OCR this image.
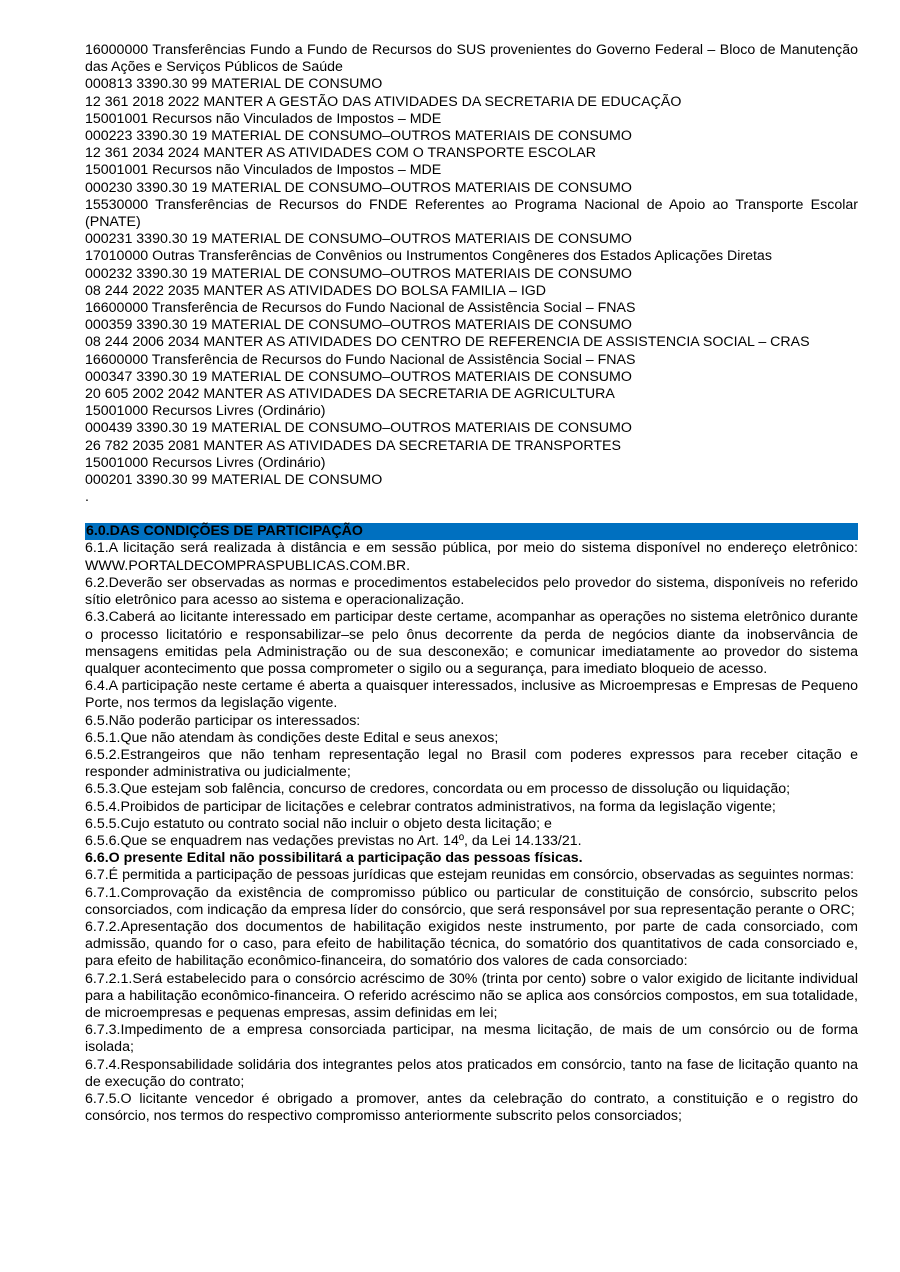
16000000 Transferências Fundo a Fundo de Recursos do SUS provenientes do Governo Federal – Bloco de Manutenção das Ações e Serviços Públicos de Saúde

000813 3390.30 99 MATERIAL DE CONSUMO

12 361 2018 2022 MANTER A GESTÃO DAS ATIVIDADES DA SECRETARIA DE EDUCAÇÃO

15001001 Recursos não Vinculados de Impostos – MDE

000223 3390.30 19 MATERIAL DE CONSUMO–OUTROS MATERIAIS DE CONSUMO

12 361 2034 2024 MANTER AS ATIVIDADES COM O TRANSPORTE ESCOLAR

15001001 Recursos não Vinculados de Impostos – MDE

000230 3390.30 19 MATERIAL DE CONSUMO–OUTROS MATERIAIS DE CONSUMO

15530000 Transferências de Recursos do FNDE Referentes ao Programa Nacional de Apoio ao Transporte Escolar (PNATE)

000231 3390.30 19 MATERIAL DE CONSUMO–OUTROS MATERIAIS DE CONSUMO

17010000 Outras Transferências de Convênios ou Instrumentos Congêneres dos Estados Aplicações Diretas

000232 3390.30 19 MATERIAL DE CONSUMO–OUTROS MATERIAIS DE CONSUMO

08 244 2022 2035 MANTER AS ATIVIDADES DO BOLSA FAMILIA – IGD

16600000 Transferência de Recursos do Fundo Nacional de Assistência Social – FNAS

000359 3390.30 19 MATERIAL DE CONSUMO–OUTROS MATERIAIS DE CONSUMO

08 244 2006 2034 MANTER AS ATIVIDADES DO CENTRO DE REFERENCIA DE ASSISTENCIA SOCIAL – CRAS

16600000 Transferência de Recursos do Fundo Nacional de Assistência Social – FNAS

000347 3390.30 19 MATERIAL DE CONSUMO–OUTROS MATERIAIS DE CONSUMO

20 605 2002 2042 MANTER AS ATIVIDADES DA SECRETARIA DE AGRICULTURA

15001000 Recursos Livres (Ordinário)

000439 3390.30 19 MATERIAL DE CONSUMO–OUTROS MATERIAIS DE CONSUMO

26 782 2035 2081 MANTER AS ATIVIDADES DA SECRETARIA DE TRANSPORTES

15001000 Recursos Livres (Ordinário)

000201 3390.30 99 MATERIAL DE CONSUMO

.

6.0.DAS CONDIÇÕES DE PARTICIPAÇÃO

6.1.A licitação será realizada à distância e em sessão pública, por meio do sistema disponível no endereço eletrônico: WWW.PORTALDECOMPRASPUBLICAS.COM.BR.

6.2.Deverão ser observadas as normas e procedimentos estabelecidos pelo provedor do sistema, disponíveis no referido sítio eletrônico para acesso ao sistema e operacionalização.

6.3.Caberá ao licitante interessado em participar deste certame, acompanhar as operações no sistema eletrônico durante o processo licitatório e responsabilizar–se pelo ônus decorrente da perda de negócios diante da inobservância de mensagens emitidas pela Administração ou de sua desconexão; e comunicar imediatamente ao provedor do sistema qualquer acontecimento que possa comprometer o sigilo ou a segurança, para imediato bloqueio de acesso.

6.4.A participação neste certame é aberta a quaisquer interessados, inclusive as Microempresas e Empresas de Pequeno Porte, nos termos da legislação vigente.

6.5.Não poderão participar os interessados:

6.5.1.Que não atendam às condições deste Edital e seus anexos;

6.5.2.Estrangeiros que não tenham representação legal no Brasil com poderes expressos para receber citação e responder administrativa ou judicialmente;

6.5.3.Que estejam sob falência, concurso de credores, concordata ou em processo de dissolução ou liquidação;

6.5.4.Proibidos de participar de licitações e celebrar contratos administrativos, na forma da legislação vigente;

6.5.5.Cujo estatuto ou contrato social não incluir o objeto desta licitação; e

6.5.6.Que se enquadrem nas vedações previstas no Art. 14º, da Lei 14.133/21.

6.6.O presente Edital não possibilitará a participação das pessoas físicas.

6.7.É permitida a participação de pessoas jurídicas que estejam reunidas em consórcio, observadas as seguintes normas:

6.7.1.Comprovação da existência de compromisso público ou particular de constituição de consórcio, subscrito pelos consorciados, com indicação da empresa líder do consórcio, que será responsável por sua representação perante o ORC;

6.7.2.Apresentação dos documentos de habilitação exigidos neste instrumento, por parte de cada consorciado, com admissão, quando for o caso, para efeito de habilitação técnica, do somatório dos quantitativos de cada consorciado e, para efeito de habilitação econômico-financeira, do somatório dos valores de cada consorciado:

6.7.2.1.Será estabelecido para o consórcio acréscimo de 30% (trinta por cento) sobre o valor exigido de licitante individual para a habilitação econômico-financeira. O referido acréscimo não se aplica aos consórcios compostos, em sua totalidade, de microempresas e pequenas empresas, assim definidas em lei;

6.7.3.Impedimento de a empresa consorciada participar, na mesma licitação, de mais de um consórcio ou de forma isolada;

6.7.4.Responsabilidade solidária dos integrantes pelos atos praticados em consórcio, tanto na fase de licitação quanto na de execução do contrato;

6.7.5.O licitante vencedor é obrigado a promover, antes da celebração do contrato, a constituição e o registro do consórcio, nos termos do respectivo compromisso anteriormente subscrito pelos consorciados;
